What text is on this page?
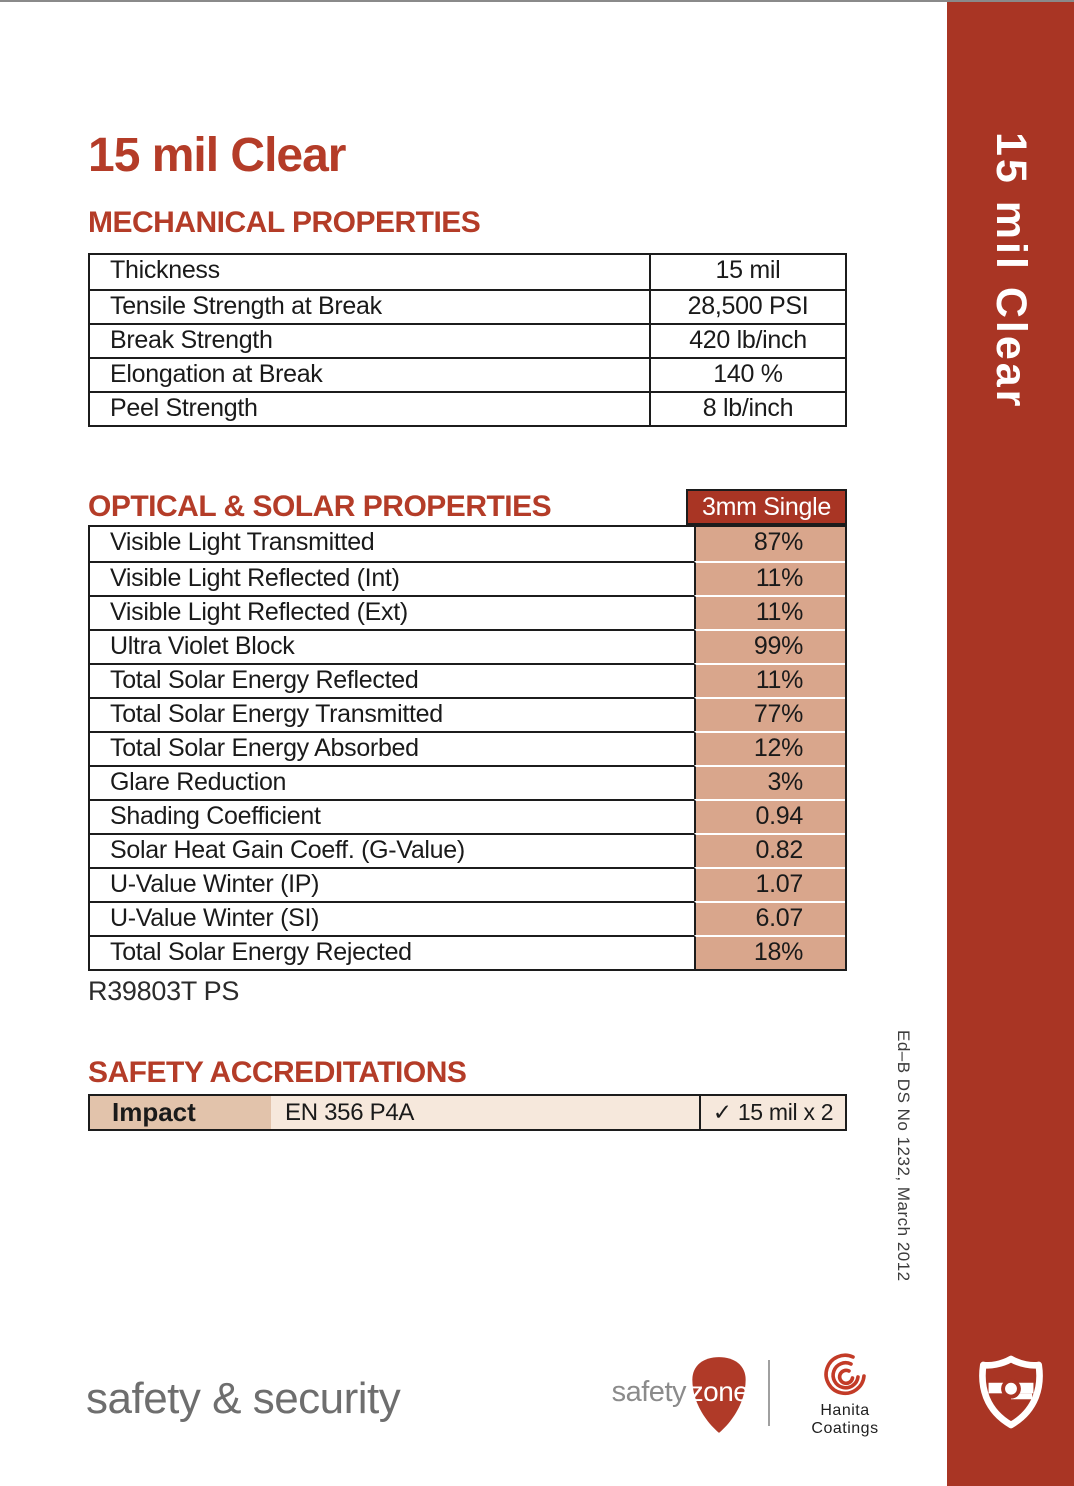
15 mil Clear
Ed–B DS No 1232, March 2012
15 mil Clear
MECHANICAL PROPERTIES
Thickness	15 mil
Tensile Strength at Break	28,500 PSI
Break Strength	420 lb/inch
Elongation at Break	140 %
Peel Strength	8 lb/inch
OPTICAL & SOLAR PROPERTIES	3mm Single
Visible Light Transmitted	87%
Visible Light Reflected (Int)	11%
Visible Light Reflected (Ext)	11%
Ultra Violet Block	99%
Total Solar Energy Reflected	11%
Total Solar Energy Transmitted	77%
Total Solar Energy Absorbed	12%
Glare Reduction	3%
Shading Coefficient	0.94
Solar Heat Gain Coeff. (G-Value)	0.82
U-Value Winter (IP)	1.07
U-Value Winter (SI)	6.07
Total Solar Energy Rejected	18%
R39803T PS
SAFETY ACCREDITATIONS
Impact	EN 356 P4A	✓ 15 mil x 2
safety & security	safety zone
Hanita Coatings
